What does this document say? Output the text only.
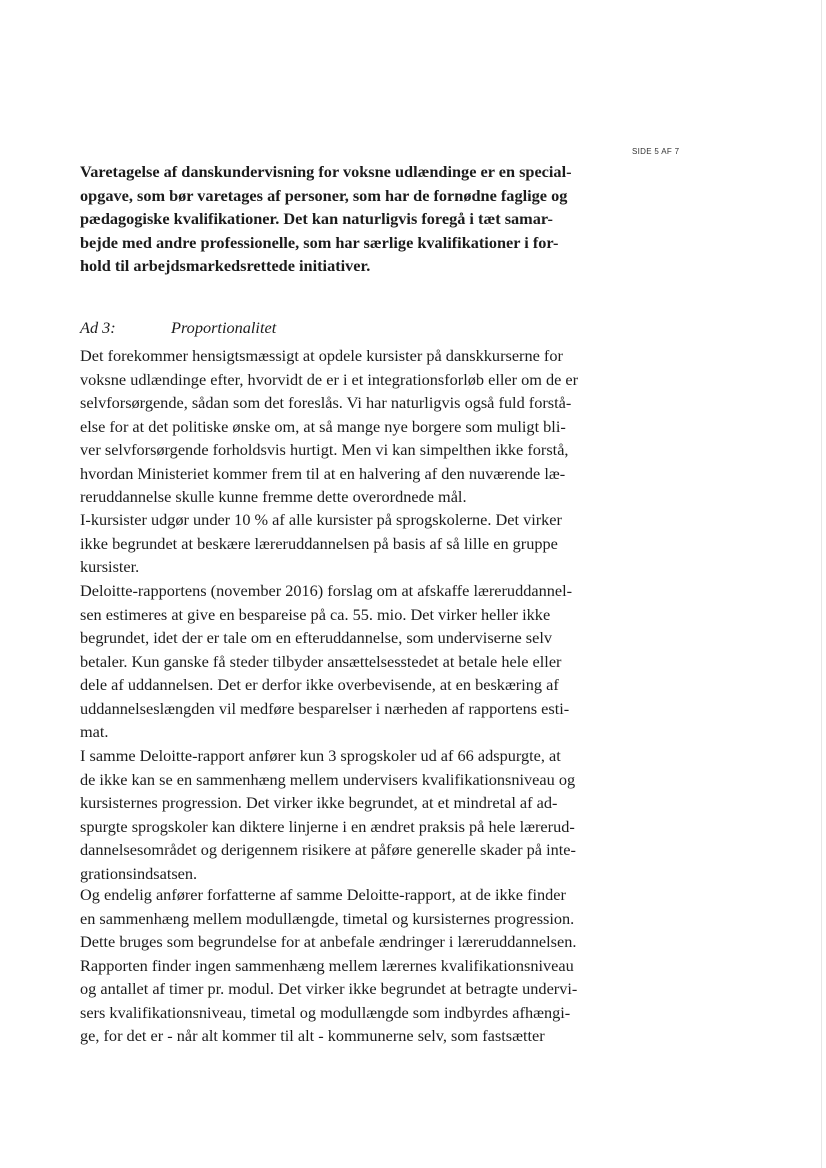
SIDE 5 AF 7
Varetagelse af danskundervisning for voksne udlændinge er en special-
opgave, som bør varetages af personer, som har de fornødne faglige og
pædagogiske kvalifikationer. Det kan naturligvis foregå i tæt samar-
bejde med andre professionelle, som har særlige kvalifikationer i for-
hold til arbejdsmarkedsrettede initiativer.
Ad 3:	Proportionalitet
Det forekommer hensigtsmæssigt at opdele kursister på danskkurserne for
voksne udlændinge efter, hvorvidt de er i et integrationsforløb eller om de er
selvforsørgende, sådan som det foreslås. Vi har naturligvis også fuld forstå-
else for at det politiske ønske om, at så mange nye borgere som muligt bli-
ver selvforsørgende forholdsvis hurtigt. Men vi kan simpelthen ikke forstå,
hvordan Ministeriet kommer frem til at en halvering af den nuværende læ-
reruddannelse skulle kunne fremme dette overordnede mål.
I-kursister udgør under 10 % af alle kursister på sprogskolerne. Det virker
ikke begrundet at beskære læreruddannelsen på basis af så lille en gruppe
kursister.
Deloitte-rapportens (november 2016) forslag om at afskaffe læreruddannel-
sen estimeres at give en bespareise på ca. 55. mio. Det virker heller ikke
begrundet, idet der er tale om en efteruddannelse, som underviserne selv
betaler. Kun ganske få steder tilbyder ansættelsesstedet at betale hele eller
dele af uddannelsen. Det er derfor ikke overbevisende, at en beskæring af
uddannelseslængden vil medføre besparelser i nærheden af rapportens esti-
mat.
I samme Deloitte-rapport anfører kun 3 sprogskoler ud af 66 adspurgte, at
de ikke kan se en sammenhæng mellem undervisers kvalifikationsniveau og
kursisternes progression. Det virker ikke begrundet, at et mindretal af ad-
spurgte sprogskoler kan diktere linjerne i en ændret praksis på hele lærerud-
dannelsesområdet og derigennem risikere at påføre generelle skader på inte-
grationsindsatsen.
Og endelig anfører forfatterne af samme Deloitte-rapport, at de ikke finder
en sammenhæng mellem modullængde, timetal og kursisternes progression.
Dette bruges som begrundelse for at anbefale ændringer i læreruddannelsen.
Rapporten finder ingen sammenhæng mellem lærernes kvalifikationsniveau
og antallet af timer pr. modul. Det virker ikke begrundet at betragte undervi-
sers kvalifikationsniveau, timetal og modullængde som indbyrdes afhængi-
ge, for det er - når alt kommer til alt - kommunerne selv, som fastsætter
